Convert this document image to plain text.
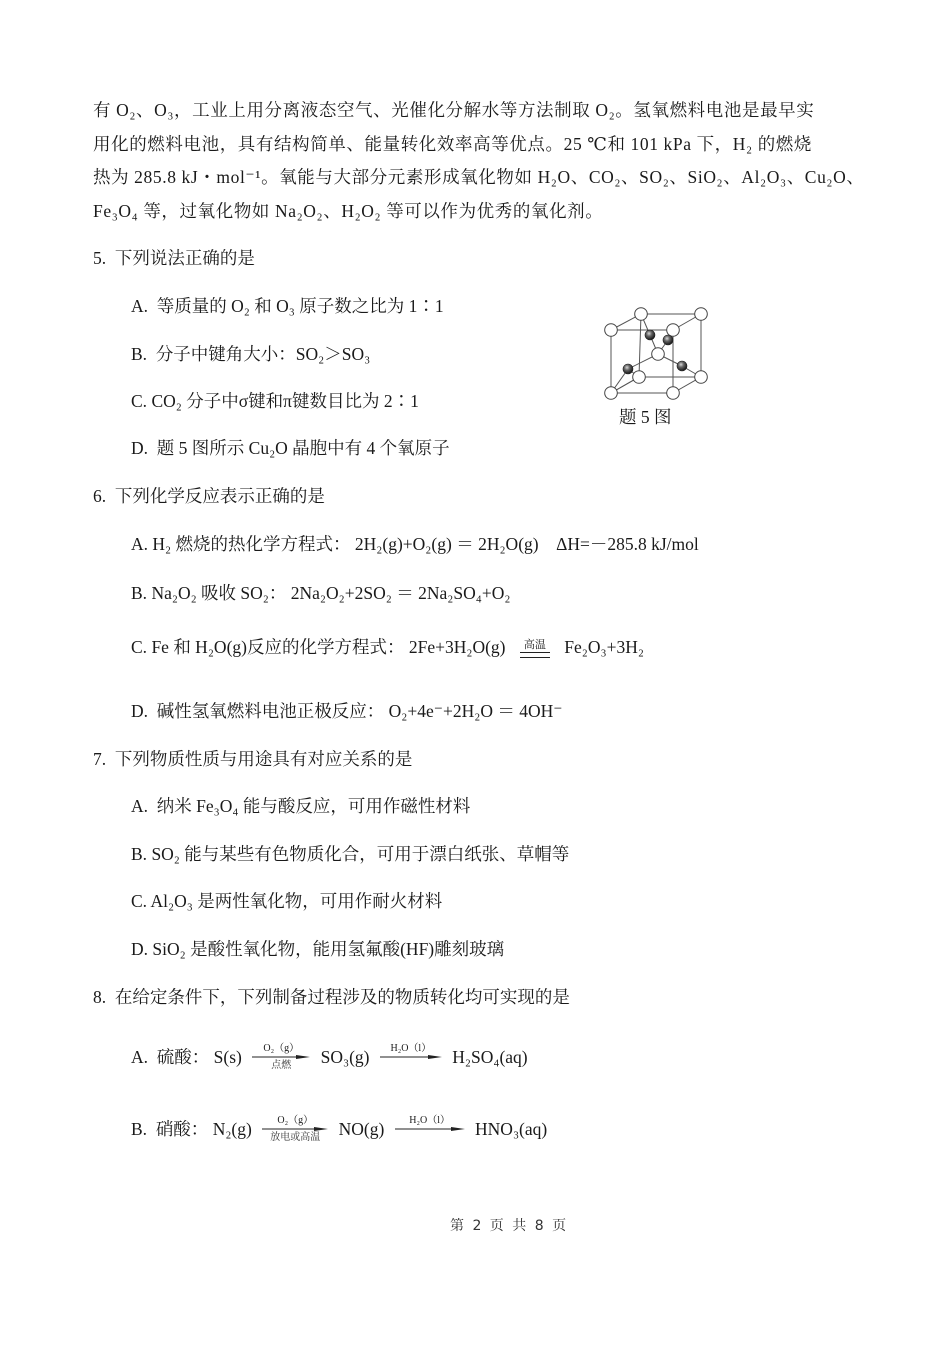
有 O₂、O₃，工业上用分离液态空气、光催化分解水等方法制取 O₂。氢氧燃料电池是最早实
用化的燃料电池，具有结构简单、能量转化效率高等优点。25 ℃和 101 kPa 下，H₂ 的燃烧
热为 285.8 kJ・mol⁻¹。氧能与大部分元素形成氧化物如 H₂O、CO₂、SO₂、SiO₂、Al₂O₃、Cu₂O、
Fe₃O₄ 等，过氧化物如 Na₂O₂、H₂O₂ 等可以作为优秀的氧化剂。
5. 下列说法正确的是
A. 等质量的 O₂ 和 O₃ 原子数之比为 1∶1
B. 分子中键角大小：SO₂＞SO₃
C. CO₂ 分子中σ键和π键数目比为 2∶1
D. 题 5 图所示 Cu₂O 晶胞中有 4 个氧原子
题 5 图
6. 下列化学反应表示正确的是
A. H₂ 燃烧的热化学方程式： 2H₂(g)+O₂(g) ＝ 2H₂O(g) ΔH=－285.8 kJ/mol
B. Na₂O₂ 吸收 SO₂： 2Na₂O₂+2SO₂ ＝ 2Na₂SO₄+O₂
C. Fe 和 H₂O(g)反应的化学方程式： 2Fe+3H₂O(g)	高温 Fe₂O₃+3H₂
D. 碱性氢氧燃料电池正极反应： O₂+4e⁻+2H₂O ＝ 4OH⁻
7. 下列物质性质与用途具有对应关系的是
A. 纳米 Fe₃O₄ 能与酸反应，可用作磁性材料
B. SO₂ 能与某些有色物质化合，可用于漂白纸张、草帽等
C. Al₂O₃ 是两性氧化物，可用作耐火材料
D. SiO₂ 是酸性氧化物，能用氢氟酸(HF)雕刻玻璃
8. 在给定条件下，下列制备过程涉及的物质转化均可实现的是
A. 硫酸： S(s)	O₂（g）
点燃	SO₃(g)	H₂O（l）	H₂SO₄(aq)
B. 硝酸： N₂(g)	O₂（g）
放电或高温	NO(g)	H₂O（l）	HNO₃(aq)
第 2 页 共 8 页
